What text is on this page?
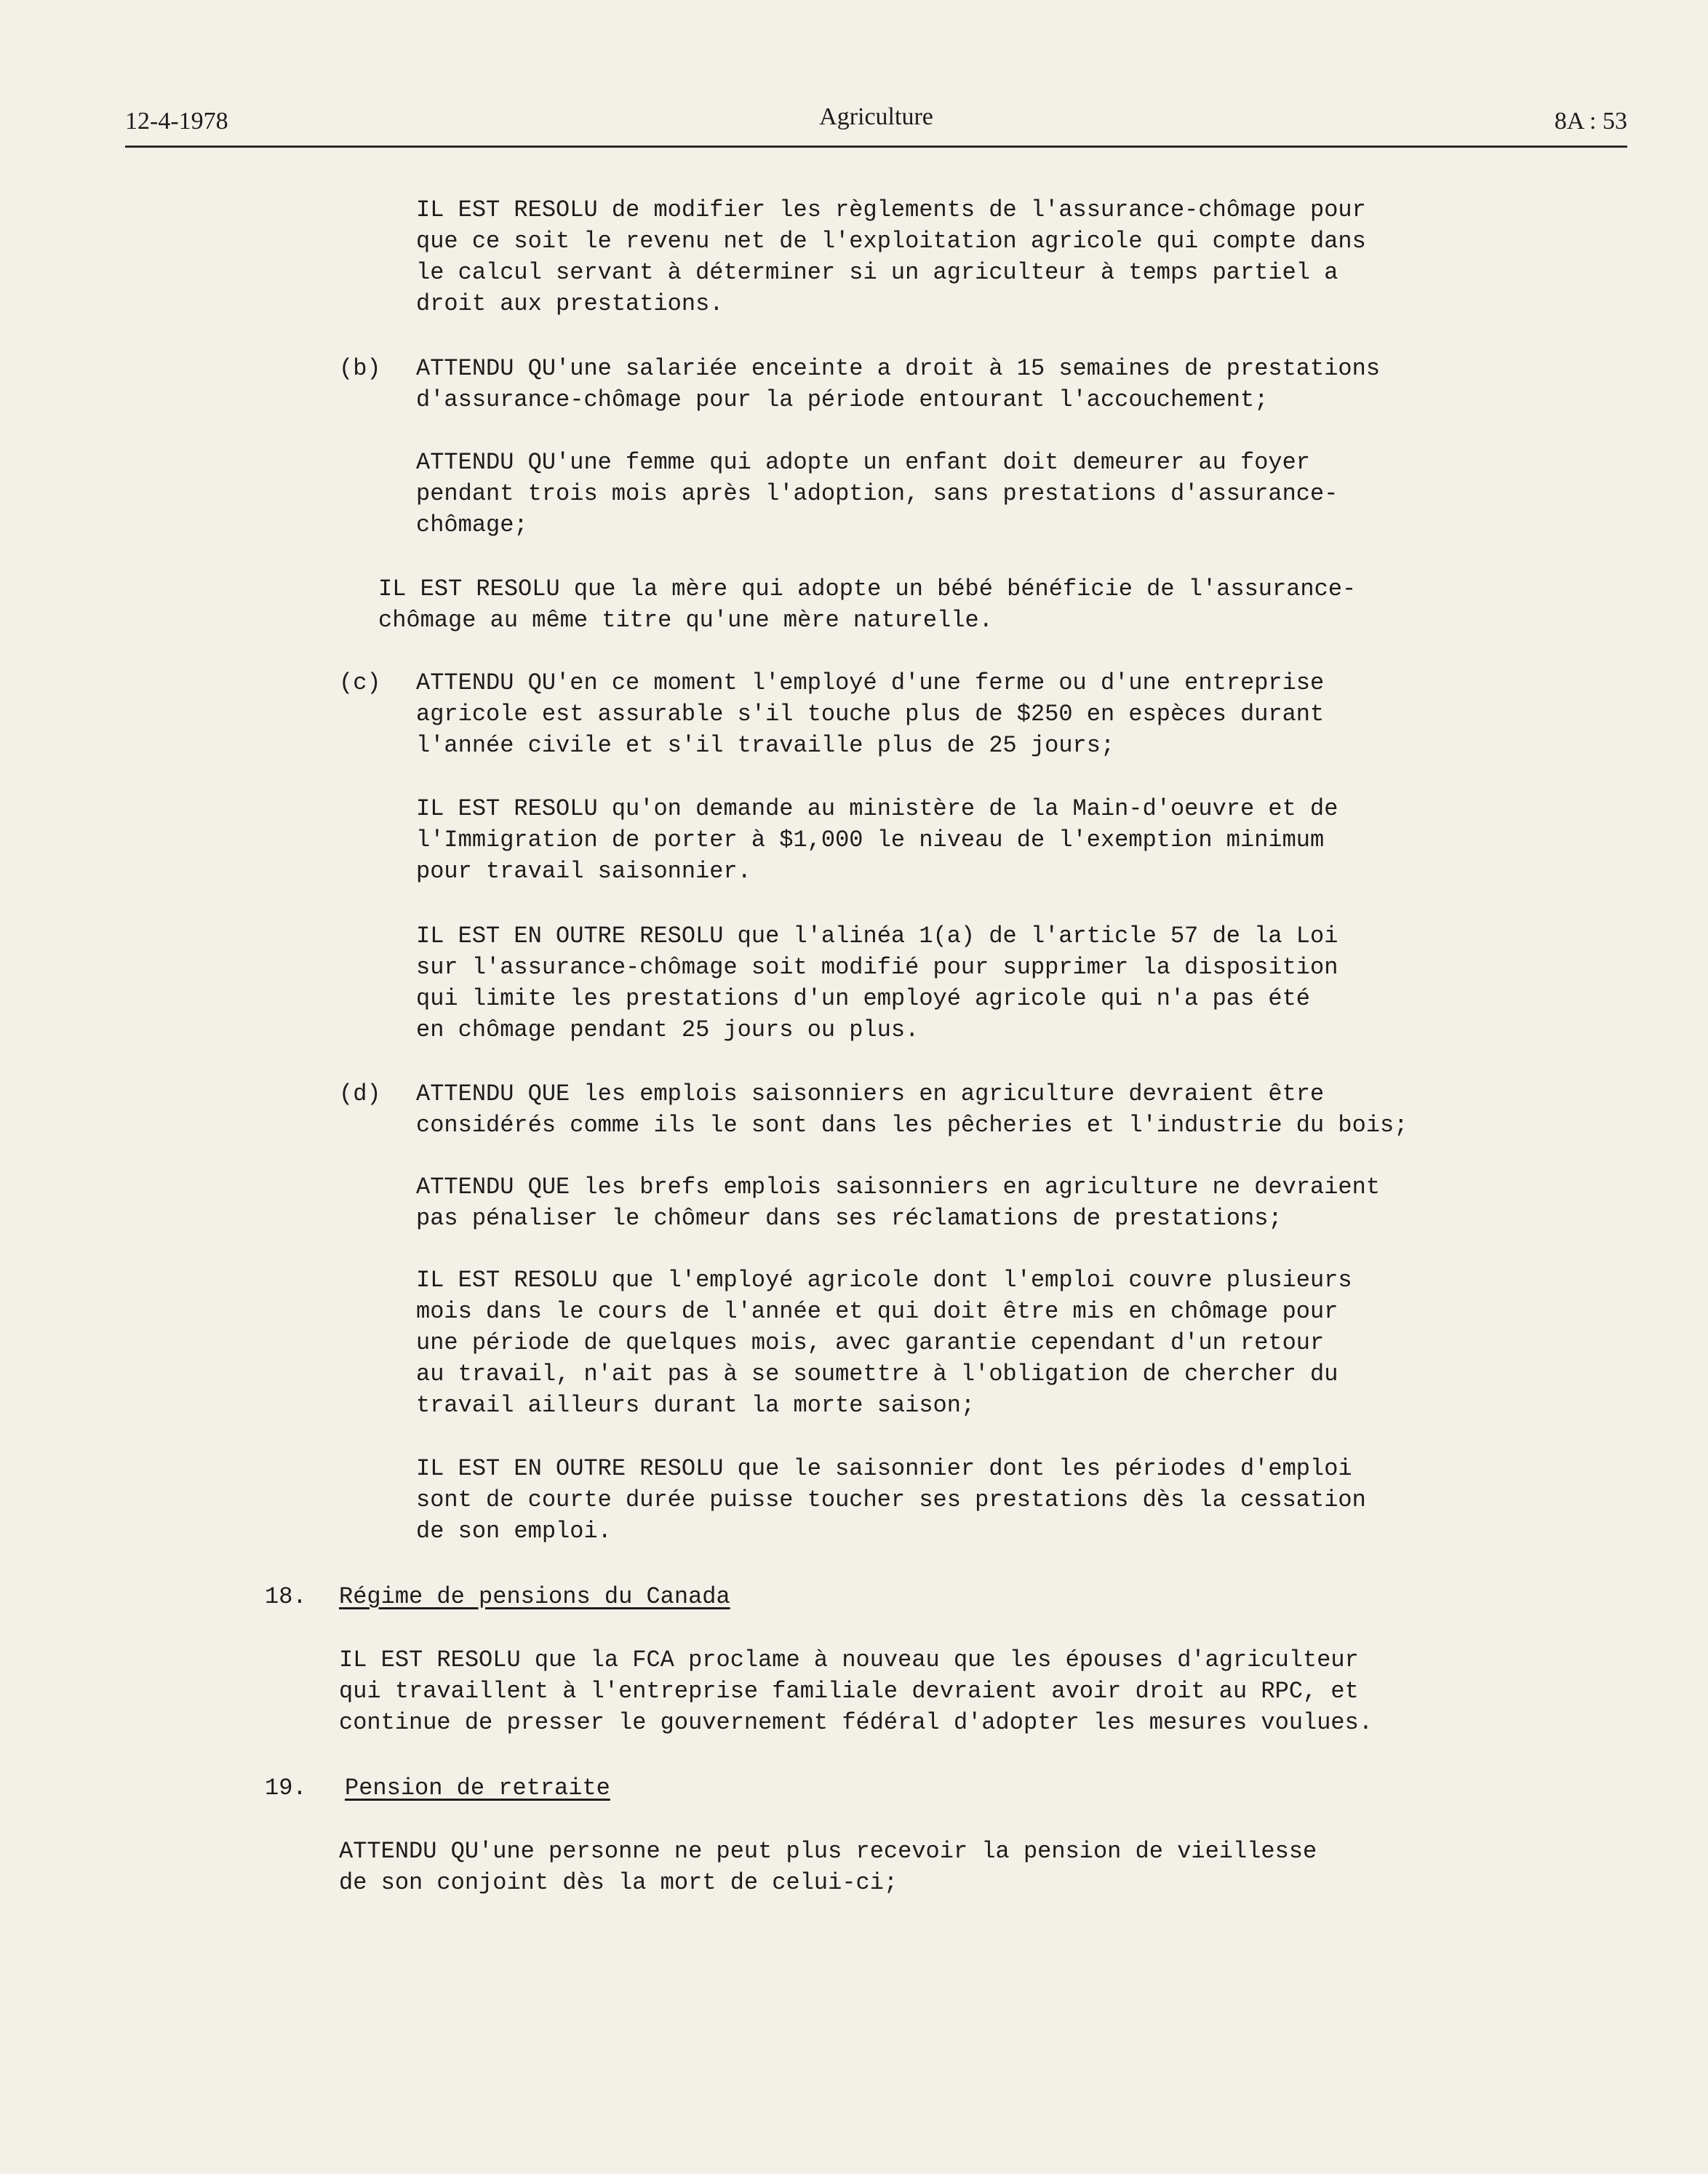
12-4-1978	Agriculture	8A : 53

IL EST RESOLU de modifier les règlements de l'assurance-chômage pour
que ce soit le revenu net de l'exploitation agricole qui compte dans
le calcul servant à déterminer si un agriculteur à temps partiel a
droit aux prestations.

(b)

ATTENDU QU'une salariée enceinte a droit à 15 semaines de prestations
d'assurance-chômage pour la période entourant l'accouchement;

ATTENDU QU'une femme qui adopte un enfant doit demeurer au foyer
pendant trois mois après l'adoption, sans prestations d'assurance-
chômage;

IL EST RESOLU que la mère qui adopte un bébé bénéficie de l'assurance-
chômage au même titre qu'une mère naturelle.

(c)

ATTENDU QU'en ce moment l'employé d'une ferme ou d'une entreprise
agricole est assurable s'il touche plus de $250 en espèces durant
l'année civile et s'il travaille plus de 25 jours;

IL EST RESOLU qu'on demande au ministère de la Main-d'oeuvre et de
l'Immigration de porter à $1,000 le niveau de l'exemption minimum
pour travail saisonnier.

IL EST EN OUTRE RESOLU que l'alinéa 1(a) de l'article 57 de la Loi
sur l'assurance-chômage soit modifié pour supprimer la disposition
qui limite les prestations d'un employé agricole qui n'a pas été
en chômage pendant 25 jours ou plus.

(d)

ATTENDU QUE les emplois saisonniers en agriculture devraient être
considérés comme ils le sont dans les pêcheries et l'industrie du bois;

ATTENDU QUE les brefs emplois saisonniers en agriculture ne devraient
pas pénaliser le chômeur dans ses réclamations de prestations;

IL EST RESOLU que l'employé agricole dont l'emploi couvre plusieurs
mois dans le cours de l'année et qui doit être mis en chômage pour
une période de quelques mois, avec garantie cependant d'un retour
au travail, n'ait pas à se soumettre à l'obligation de chercher du
travail ailleurs durant la morte saison;

IL EST EN OUTRE RESOLU que le saisonnier dont les périodes d'emploi
sont de courte durée puisse toucher ses prestations dès la cessation
de son emploi.

18.

Régime de pensions du Canada

IL EST RESOLU que la FCA proclame à nouveau que les épouses d'agriculteur
qui travaillent à l'entreprise familiale devraient avoir droit au RPC, et
continue de presser le gouvernement fédéral d'adopter les mesures voulues.

19.

Pension de retraite

ATTENDU QU'une personne ne peut plus recevoir la pension de vieillesse
de son conjoint dès la mort de celui-ci;
